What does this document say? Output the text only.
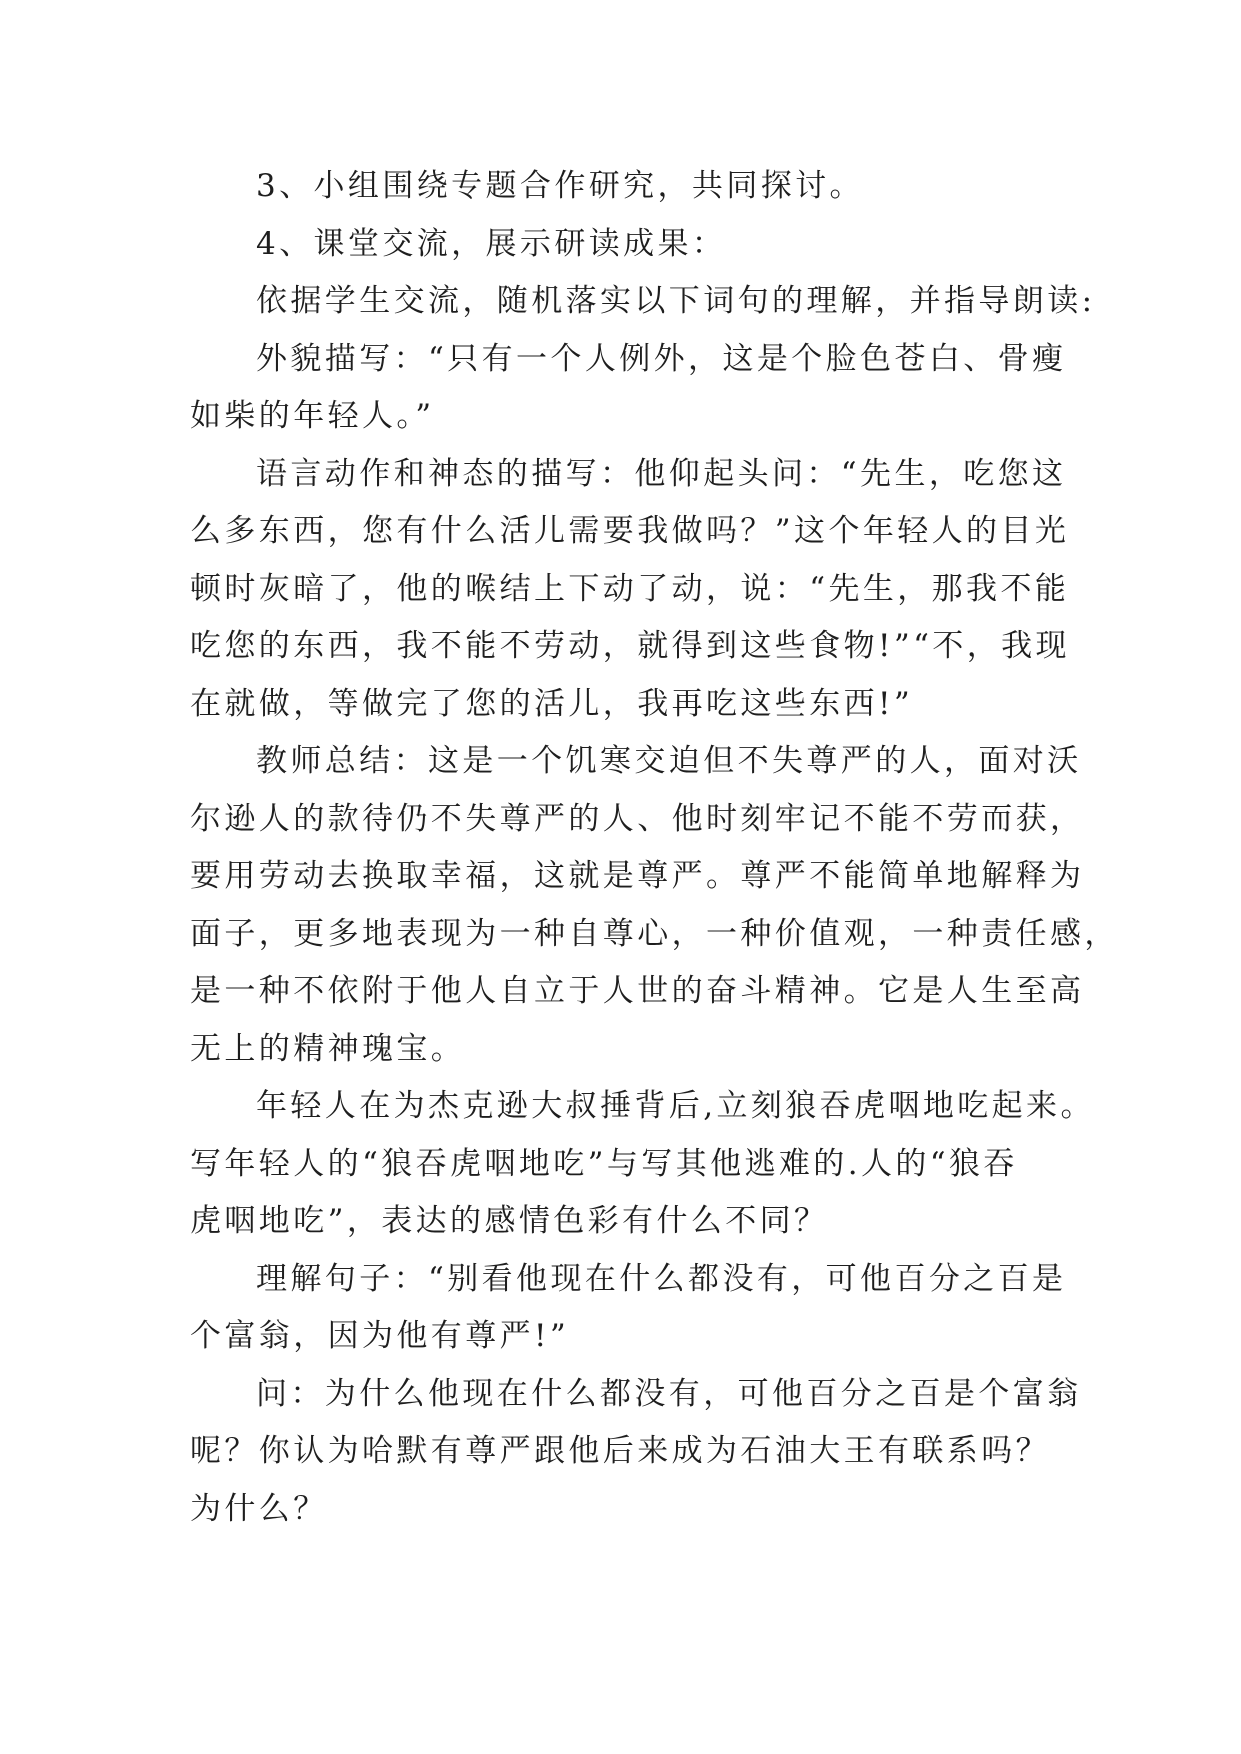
3、小组围绕专题合作研究，共同探讨。
4、课堂交流，展示研读成果：
依据学生交流，随机落实以下词句的理解，并指导朗读:
外貌描写：“只有一个人例外，这是个脸色苍白、骨瘦
如柴的年轻人。”
语言动作和神态的描写：他仰起头问：“先生，吃您这
么多东西，您有什么活儿需要我做吗？”这个年轻人的目光
顿时灰暗了，他的喉结上下动了动，说：“先生，那我不能
吃您的东西，我不能不劳动，就得到这些食物!”“不，我现
在就做，等做完了您的活儿，我再吃这些东西!”
教师总结：这是一个饥寒交迫但不失尊严的人，面对沃
尔逊人的款待仍不失尊严的人、他时刻牢记不能不劳而获，
要用劳动去换取幸福，这就是尊严。尊严不能简单地解释为
面子，更多地表现为一种自尊心，一种价值观，一种责任感，
是一种不依附于他人自立于人世的奋斗精神。它是人生至高
无上的精神瑰宝。
年轻人在为杰克逊大叔捶背后,立刻狼吞虎咽地吃起来。
写年轻人的“狼吞虎咽地吃”与写其他逃难的.人的“狼吞
虎咽地吃”，表达的感情色彩有什么不同？
理解句子：“别看他现在什么都没有，可他百分之百是
个富翁，因为他有尊严!”
问：为什么他现在什么都没有，可他百分之百是个富翁
呢？你认为哈默有尊严跟他后来成为石油大王有联系吗？
为什么？
